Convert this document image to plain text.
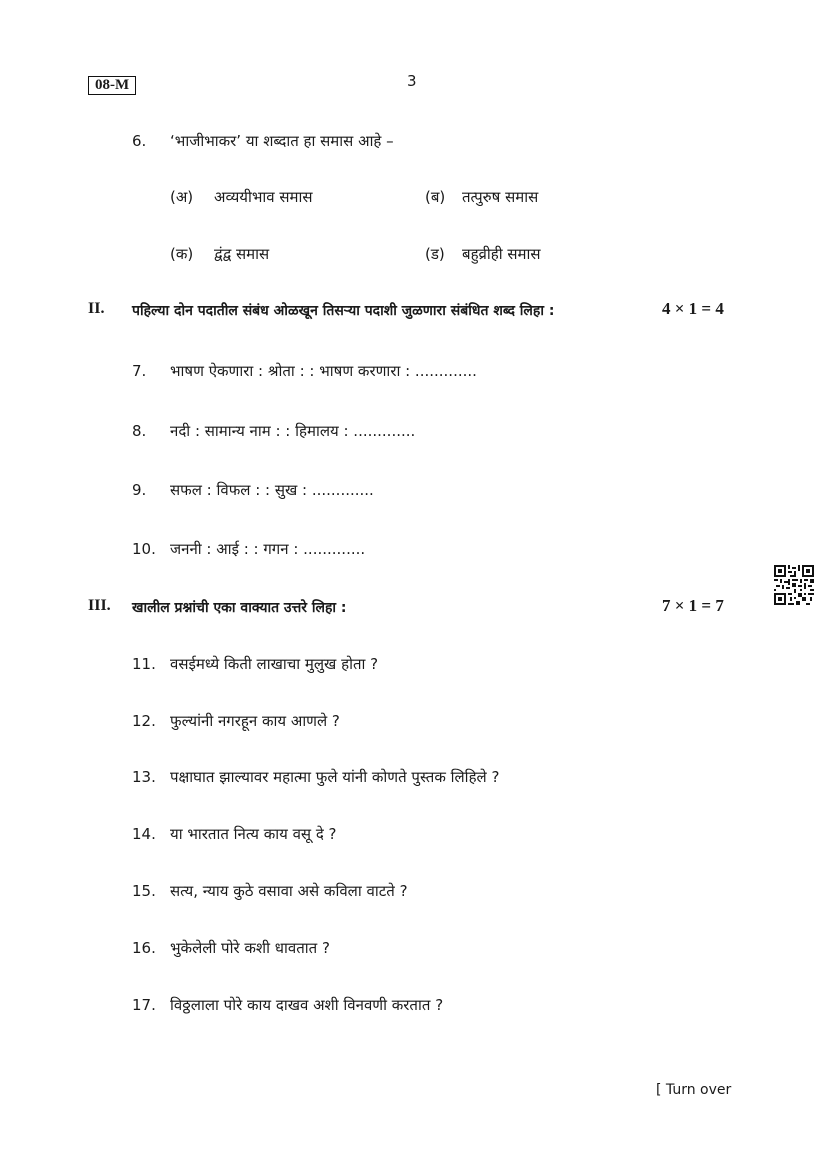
08-M	3
6. ‘भाजीभाकर’ या शब्दात हा समास आहे –
(अ) अव्ययीभाव समास	(ब) तत्पुरुष समास
(क) द्वंद्व समास	(ड) बहुव्रीही समास
II. पहिल्या दोन पदातील संबंध ओळखून तिसऱ्या पदाशी जुळणारा संबंधित शब्द लिहा :	4 × 1 = 4
7. भाषण ऐकणारा : श्रोता : : भाषण करणारा : .............
8. नदी : सामान्य नाम : : हिमालय : .............
9. सफल : विफल : : सुख : .............
10. जननी : आई : : गगन : .............
III. खालील प्रश्नांची एका वाक्यात उत्तरे लिहा :	7 × 1 = 7
11. वसईमध्ये किती लाखाचा मुलुख होता ?
12. फुल्यांनी नगरहून काय आणले ?
13. पक्षाघात झाल्यावर महात्मा फुले यांनी कोणते पुस्तक लिहिले ?
14. या भारतात नित्य काय वसू दे ?
15. सत्य, न्याय कुठे वसावा असे कविला वाटते ?
16. भुकेलेली पोरे कशी धावतात ?
17. विठ्ठलाला पोरे काय दाखव अशी विनवणी करतात ?
[ Turn over
